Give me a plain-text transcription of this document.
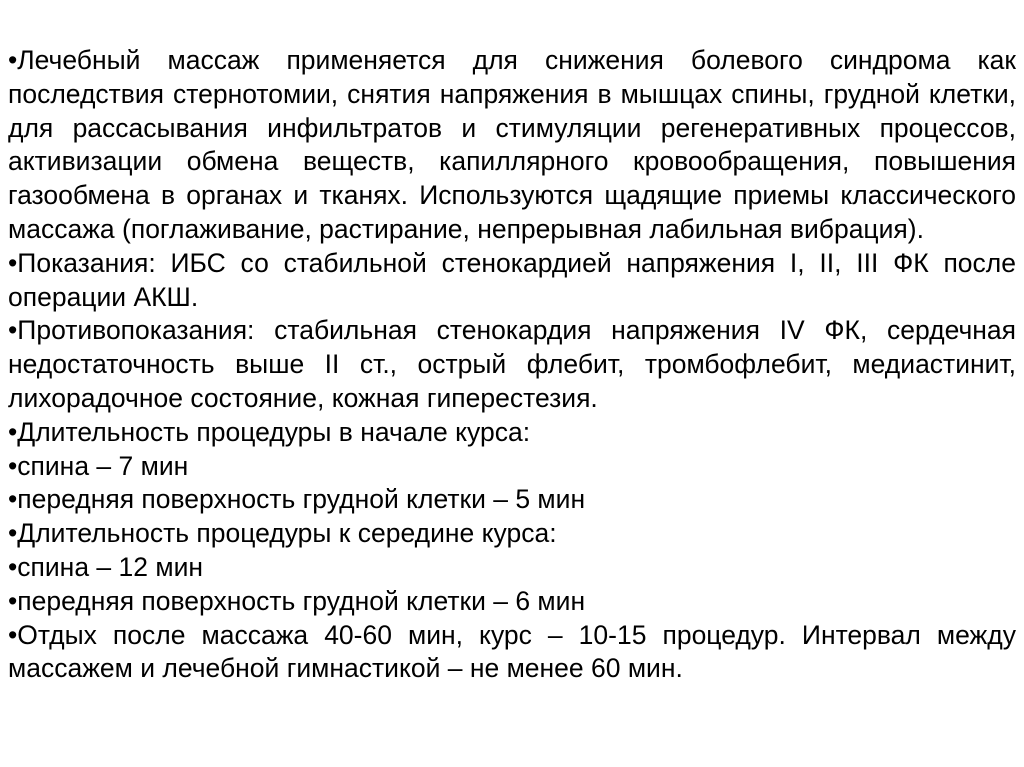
•Лечебный массаж применяется для снижения болевого синдрома как последствия стернотомии, снятия напряжения в мышцах спины, грудной клетки, для рассасывания инфильтратов и стимуляции регенеративных процессов, активизации обмена веществ, капиллярного кровообращения, повышения газообмена в органах и тканях. Используются щадящие приемы классического массажа (поглаживание, растирание, непрерывная лабильная вибрация).

•Показания: ИБС со стабильной стенокардией напряжения I, II, III ФК после операции АКШ.

•Противопоказания: стабильная стенокардия напряжения IV ФК, сердечная недостаточность выше II ст., острый флебит, тромбофлебит, медиастинит, лихорадочное состояние, кожная гиперестезия.

•Длительность процедуры в начале курса:

•спина – 7 мин

•передняя поверхность грудной клетки – 5 мин

•Длительность процедуры к середине курса:

•спина – 12 мин

•передняя поверхность грудной клетки – 6 мин

•Отдых после массажа 40-60 мин, курс – 10-15 процедур. Интервал между массажем и лечебной гимнастикой – не менее 60 мин.
